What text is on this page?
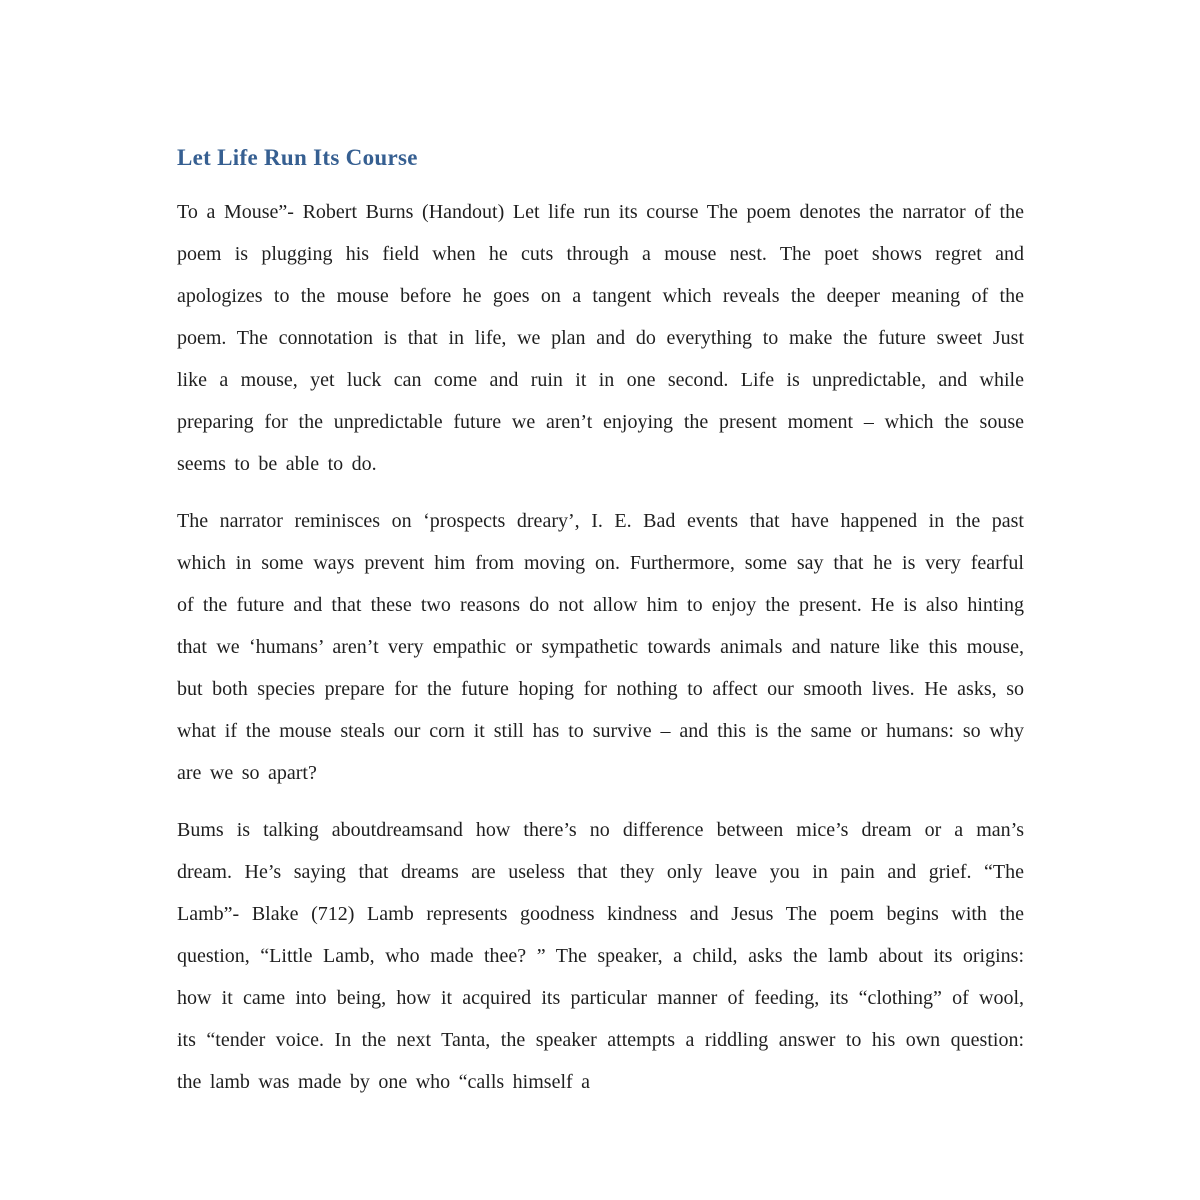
Let Life Run Its Course

To a Mouse”- Robert Burns (Handout) Let life run its course The poem denotes the narrator of the poem is plugging his field when he cuts through a mouse nest. The poet shows regret and apologizes to the mouse before he goes on a tangent which reveals the deeper meaning of the poem. The connotation is that in life, we plan and do everything to make the future sweet Just like a mouse, yet luck can come and ruin it in one second. Life is unpredictable, and while preparing for the unpredictable future we aren’t enjoying the present moment – which the souse seems to be able to do.

The narrator reminisces on ‘prospects dreary’, I. E. Bad events that have happened in the past which in some ways prevent him from moving on. Furthermore, some say that he is very fearful of the future and that these two reasons do not allow him to enjoy the present. He is also hinting that we ‘humans’ aren’t very empathic or sympathetic towards animals and nature like this mouse, but both species prepare for the future hoping for nothing to affect our smooth lives. He asks, so what if the mouse steals our corn it still has to survive – and this is the same or humans: so why are we so apart?

Bums is talking aboutdreamsand how there’s no difference between mice’s dream or a man’s dream. He’s saying that dreams are useless that they only leave you in pain and grief. “The Lamb”- Blake (712) Lamb represents goodness kindness and Jesus The poem begins with the question, “Little Lamb, who made thee? ” The speaker, a child, asks the lamb about its origins: how it came into being, how it acquired its particular manner of feeding, its “clothing” of wool, its “tender voice. In the next Tanta, the speaker attempts a riddling answer to his own question: the lamb was made by one who “calls himself a
